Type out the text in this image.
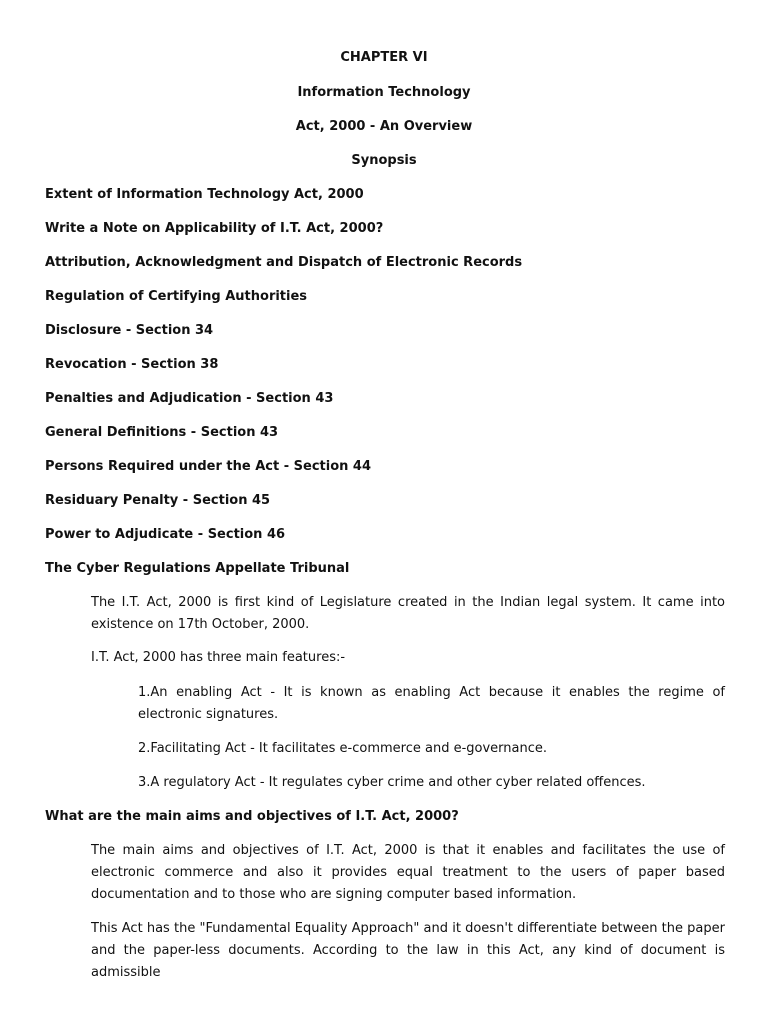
CHAPTER VI
Information Technology
Act, 2000 - An Overview
Synopsis
Extent of Information Technology Act, 2000
Write a Note on Applicability of I.T. Act, 2000?
Attribution, Acknowledgment and Dispatch of Electronic Records
Regulation of Certifying Authorities
Disclosure - Section 34
Revocation - Section 38
Penalties and Adjudication - Section 43
General Definitions - Section 43
Persons Required under the Act - Section 44
Residuary Penalty - Section 45
Power to Adjudicate - Section 46
The Cyber Regulations Appellate Tribunal
The I.T. Act, 2000 is first kind of Legislature created in the Indian legal system. It came into existence on 17th October, 2000.
I.T. Act, 2000 has three main features:-
1.An enabling Act - It is known as enabling Act because it enables the regime of electronic signatures.
2.Facilitating Act - It facilitates e-commerce and e-governance.
3.A regulatory Act - It regulates cyber crime and other cyber related offences.
What are the main aims and objectives of I.T. Act, 2000?
The main aims and objectives of I.T. Act, 2000 is that it enables and facilitates the use of electronic commerce and also it provides equal treatment to the users of paper based documentation and to those who are signing computer based information.
This Act has the "Fundamental Equality Approach" and it doesn't differentiate between the paper and the paper-less documents. According to the law in this Act, any kind of document is admissible
